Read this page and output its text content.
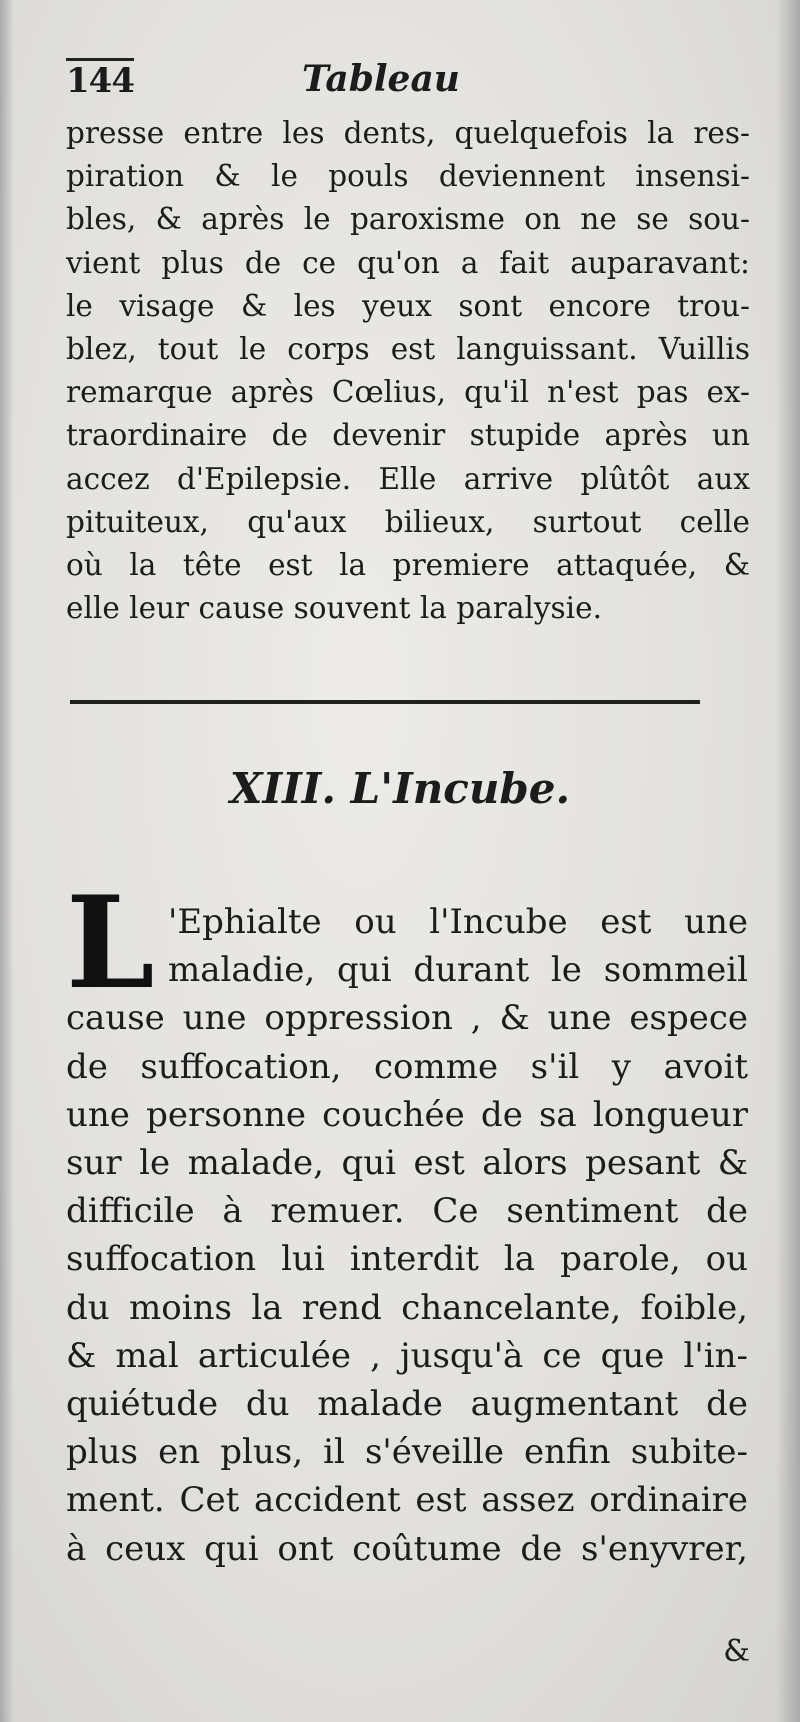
144	Tableau

presse entre les dents, quelquefois la res-
piration & le pouls deviennent insensi-
bles, & après le paroxisme on ne se sou-
vient plus de ce qu'on a fait auparavant:
le visage & les yeux sont encore trou-
blez, tout le corps est languissant. Vuillis
remarque après Cœlius, qu'il n'est pas ex-
traordinaire de devenir stupide après un
accez d'Epilepsie. Elle arrive plûtôt aux
pituiteux, qu'aux bilieux, surtout celle
où la tête est la premiere attaquée, &
elle leur cause souvent la paralysie.

XIII. L'Incube.
L 'Ephialte ou l'Incube est une
maladie, qui durant le sommeil
cause une oppression , & une espece
de suffocation, comme s'il y avoit
une personne couchée de sa longueur
sur le malade, qui est alors pesant &
difficile à remuer. Ce sentiment de
suffocation lui interdit la parole, ou
du moins la rend chancelante, foible,
& mal articulée , jusqu'à ce que l'in-
quiétude du malade augmentant de
plus en plus, il s'éveille enfin subite-
ment. Cet accident est assez ordinaire
à ceux qui ont coûtume de s'enyvrer,

&
